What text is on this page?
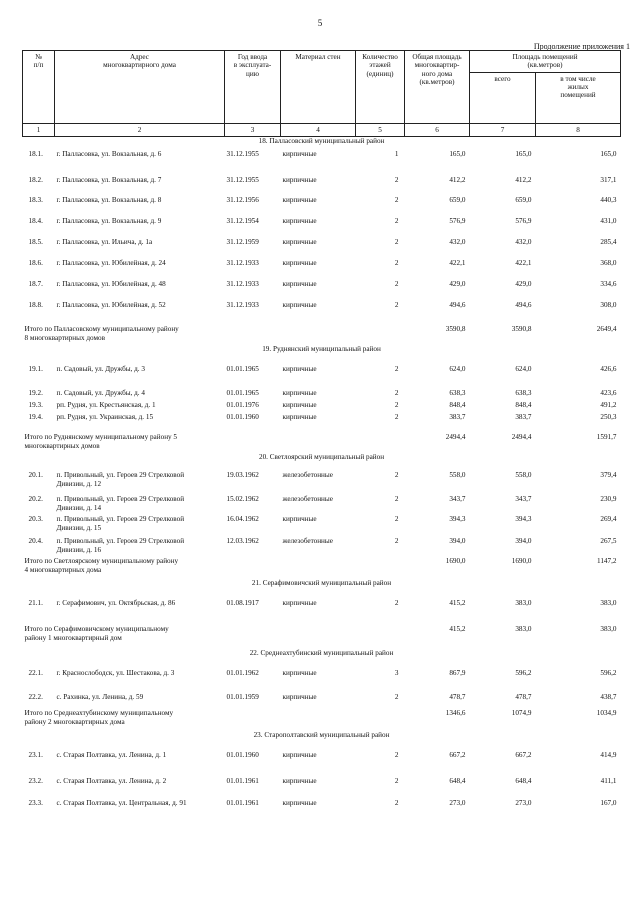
5
Продолжение приложения 1
№
п/п	Адрес
многоквартирного дома	Год ввода
в эксплуата-
цию	Материал стен	Количество
этажей
(единиц)	Общая площадь
многоквартир-
ного дома
(кв.метров)	Площадь помещений
(кв.метров)	
						всего	в том числе
жилых
помещений
1	2	3	4	5	6	7	8
18. Палласовский муниципальный район							
18.1.	г. Палласовка, ул. Вокзальная, д. 6	31.12.1955	кирпичные	1	165,0	165,0	165,0
18.2.	г. Палласовка, ул. Вокзальная, д. 7	31.12.1955	кирпичные	2	412,2	412,2	317,1
18.3.	г. Палласовка, ул. Вокзальная, д. 8	31.12.1956	кирпичные	2	659,0	659,0	440,3
18.4.	г. Палласовка, ул. Вокзальная, д. 9	31.12.1954	кирпичные	2	576,9	576,9	431,0
18.5.	г. Палласовка, ул. Ильича, д. 1а	31.12.1959	кирпичные	2	432,0	432,0	285,4
18.6.	г. Палласовка, ул. Юбилейная, д. 24	31.12.1933	кирпичные	2	422,1	422,1	368,0
18.7.	г. Палласовка, ул. Юбилейная, д. 48	31.12.1933	кирпичные	2	429,0	429,0	334,6
18.8.	г. Палласовка, ул. Юбилейная, д. 52	31.12.1933	кирпичные	2	494,6	494,6	308,0
Итого по Палласовскому муниципальному району
8 многоквартирных домов					3590,8	3590,8	2649,4
19. Руднянский муниципальный район							
19.1.	п. Садовый, ул. Дружбы, д. 3	01.01.1965	кирпичные	2	624,0	624,0	426,6
19.2.	п. Садовый, ул. Дружбы, д. 4	01.01.1965	кирпичные	2	638,3	638,3	423,6
19.3.	рп. Рудня, ул. Крестьянская, д. 1	01.01.1976	кирпичные	2	848,4	848,4	491,2
19.4.	рп. Рудня, ул. Украинская, д. 15	01.01.1960	кирпичные	2	383,7	383,7	250,3
Итого по Руднянскому муниципальному району 5
многоквартирных домов					2494,4	2494,4	1591,7
20. Светлоярский муниципальный район							
20.1.	п. Привольный, ул. Героев 29 Стрелковой
Дивизии, д. 12	19.03.1962	железобетонные	2	558,0	558,0	379,4
20.2.	п. Привольный, ул. Героев 29 Стрелковой
Дивизии, д. 14	15.02.1962	железобетонные	2	343,7	343,7	230,9
20.3.	п. Привольный, ул. Героев 29 Стрелковой
Дивизии, д. 15	16.04.1962	кирпичные	2	394,3	394,3	269,4
20.4.	п. Привольный, ул. Героев 29 Стрелковой
Дивизии, д. 16	12.03.1962	железобетонные	2	394,0	394,0	267,5
Итого по Светлоярскому муниципальному району
4 многоквартирных дома					1690,0	1690,0	1147,2
21. Серафимовичский муниципальный район							
21.1.	г. Серафимович, ул. Октябрьская, д. 86	01.08.1917	кирпичные	2	415,2	383,0	383,0
Итого по Серафимовичскому муниципальному
району 1 многоквартирный дом					415,2	383,0	383,0
22. Среднеахтубинский муниципальный район							
22.1.	г. Краснослободск, ул. Шестакова, д. 3	01.01.1962	кирпичные	3	867,9	596,2	596,2
22.2.	с. Рахинка, ул. Ленина, д. 59	01.01.1959	кирпичные	2	478,7	478,7	438,7
Итого по Среднеахтубинскому муниципальному
району 2 многоквартирных дома					1346,6	1074,9	1034,9
23. Старополтавский муниципальный район							
23.1.	с. Старая Полтавка, ул. Ленина, д. 1	01.01.1960	кирпичные	2	667,2	667,2	414,9
23.2.	с. Старая Полтавка, ул. Ленина, д. 2	01.01.1961	кирпичные	2	648,4	648,4	411,1
23.3.	с. Старая Полтавка, ул. Центральная, д. 91	01.01.1961	кирпичные	2	273,0	273,0	167,0
